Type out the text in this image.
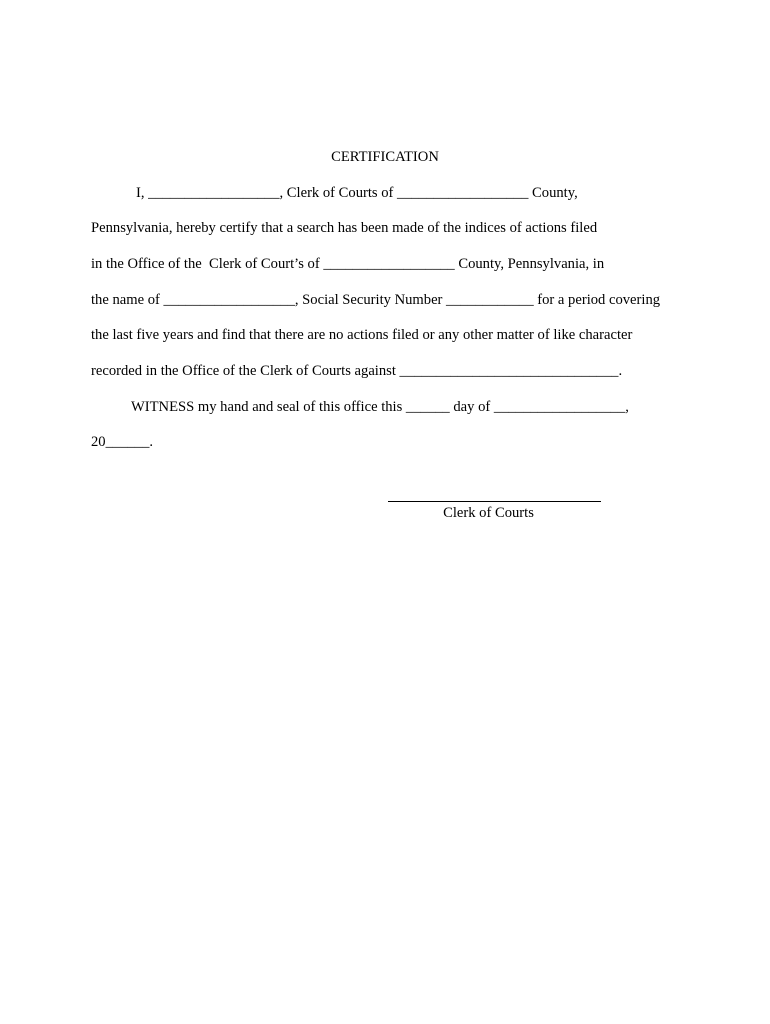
CERTIFICATION
I, __________________, Clerk of Courts of __________________ County,
Pennsylvania, hereby certify that a search has been made of the indices of actions filed
in the Office of the  Clerk of Court’s of __________________ County, Pennsylvania, in
the name of __________________, Social Security Number ____________ for a period covering
the last five years and find that there are no actions filed or any other matter of like character
recorded in the Office of the Clerk of Courts against ______________________________.
WITNESS my hand and seal of this office this ______ day of __________________,
20______.
Clerk of Courts
